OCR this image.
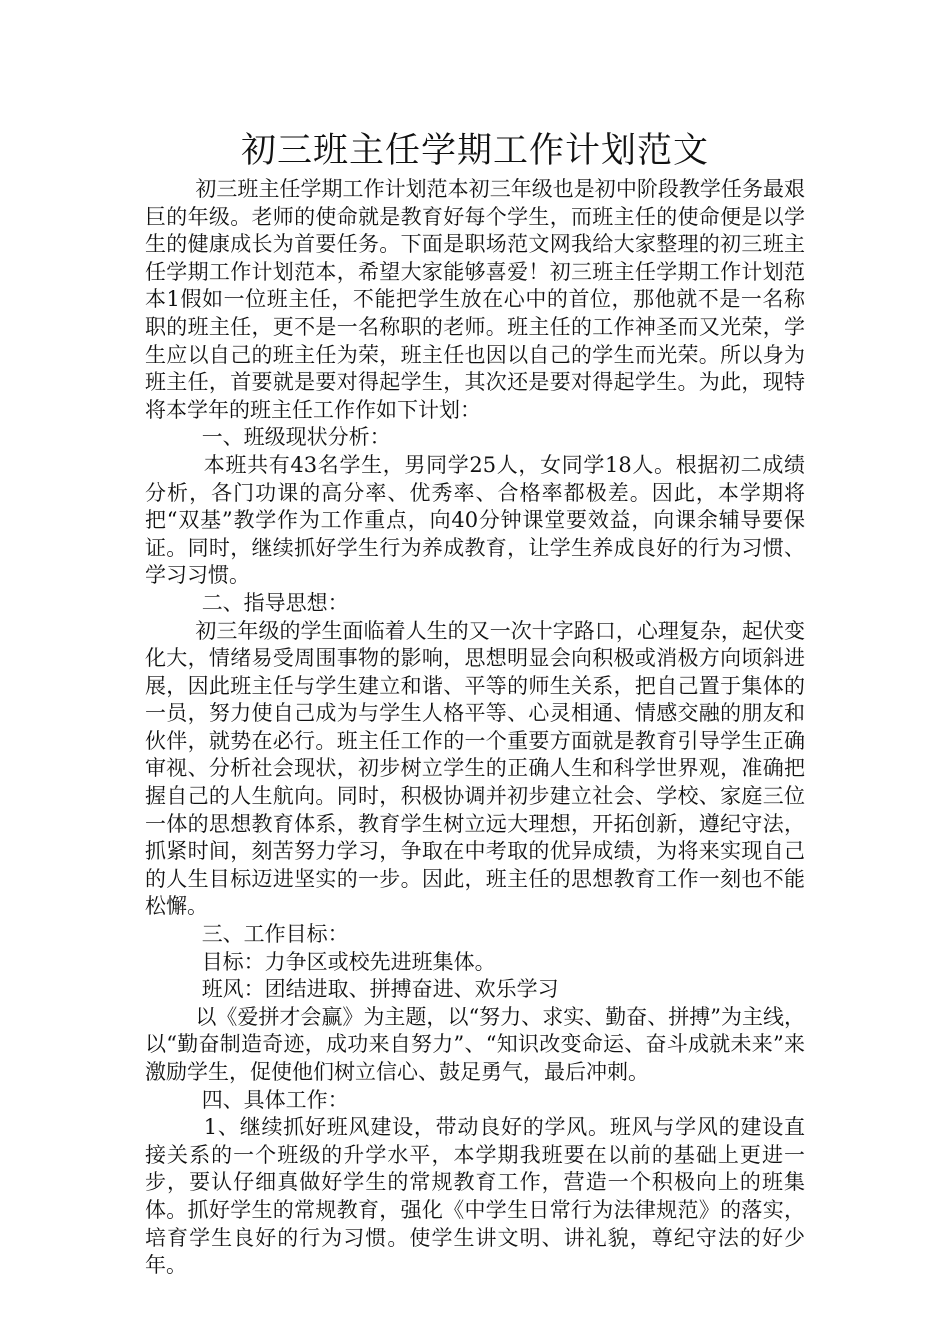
初三班主任学期工作计划范文

初三班主任学期工作计划范本初三年级也是初中阶段教学任务最艰巨的年级。老师的使命就是教育好每个学生，而班主任的使命便是以学生的健康成长为首要任务。下面是职场范文网我给大家整理的初三班主任学期工作计划范本，希望大家能够喜爱！初三班主任学期工作计划范本1假如一位班主任，不能把学生放在心中的首位，那他就不是一名称职的班主任，更不是一名称职的老师。班主任的工作神圣而又光荣，学生应以自己的班主任为荣，班主任也因以自己的学生而光荣。所以身为班主任，首要就是要对得起学生，其次还是要对得起学生。为此，现特将本学年的班主任工作作如下计划：

一、班级现状分析：

本班共有43名学生，男同学25人，女同学18人。根据初二成绩分析，各门功课的高分率、优秀率、合格率都极差。因此，本学期将把“双基”教学作为工作重点，向40分钟课堂要效益，向课余辅导要保证。同时，继续抓好学生行为养成教育，让学生养成良好的行为习惯、学习习惯。

二、指导思想：

初三年级的学生面临着人生的又一次十字路口，心理复杂，起伏变化大，情绪易受周围事物的影响，思想明显会向积极或消极方向顷斜进展，因此班主任与学生建立和谐、平等的师生关系，把自己置于集体的一员，努力使自己成为与学生人格平等、心灵相通、情感交融的朋友和伙伴，就势在必行。班主任工作的一个重要方面就是教育引导学生正确审视、分析社会现状，初步树立学生的正确人生和科学世界观，准确把握自己的人生航向。同时，积极协调并初步建立社会、学校、家庭三位一体的思想教育体系，教育学生树立远大理想，开拓创新，遵纪守法，抓紧时间，刻苦努力学习，争取在中考取的优异成绩，为将来实现自己的人生目标迈进坚实的一步。因此，班主任的思想教育工作一刻也不能松懈。

三、工作目标：

目标：力争区或校先进班集体。

班风：团结进取、拼搏奋进、欢乐学习

以《爱拼才会赢》为主题，以“努力、求实、勤奋、拼搏”为主线，以“勤奋制造奇迹，成功来自努力”、“知识改变命运、奋斗成就未来”来激励学生，促使他们树立信心、鼓足勇气，最后冲刺。

四、具体工作：

1、继续抓好班风建设，带动良好的学风。班风与学风的建设直接关系的一个班级的升学水平，本学期我班要在以前的基础上更进一步，要认仔细真做好学生的常规教育工作，营造一个积极向上的班集体。抓好学生的常规教育，强化《中学生日常行为法律规范》的落实，培育学生良好的行为习惯。使学生讲文明、讲礼貌，尊纪守法的好少年。
